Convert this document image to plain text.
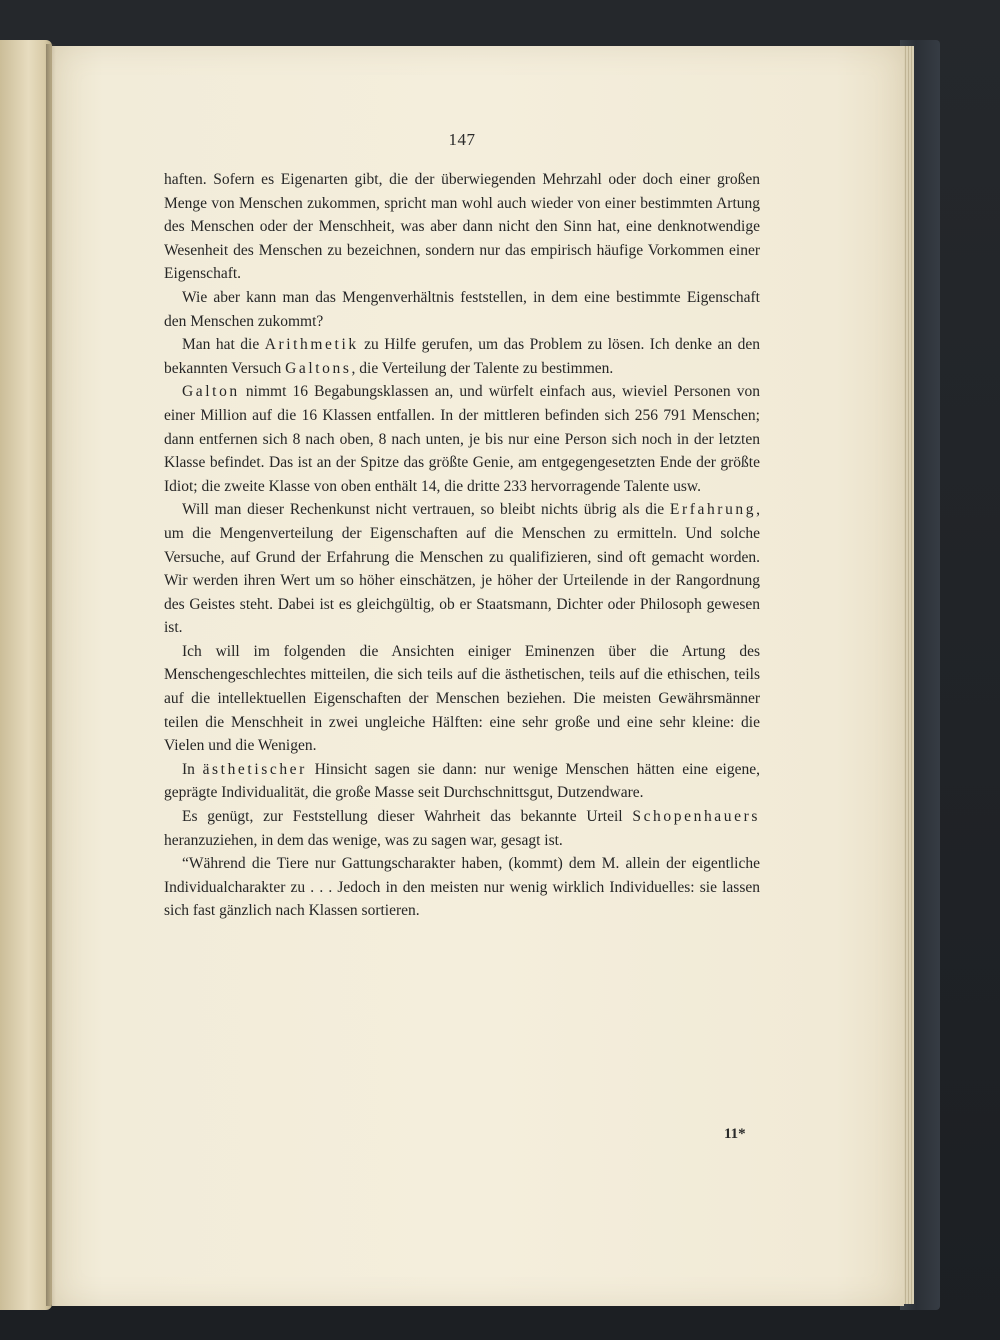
147

haften. Sofern es Eigenarten gibt, die der überwiegenden Mehrzahl oder doch einer großen Menge von Menschen zukommen, spricht man wohl auch wieder von einer bestimmten Artung des Menschen oder der Menschheit, was aber dann nicht den Sinn hat, eine denknotwendige Wesenheit des Menschen zu bezeichnen, sondern nur das empirisch häufige Vorkommen einer Eigenschaft.

Wie aber kann man das Mengenverhältnis feststellen, in dem eine bestimmte Eigenschaft den Menschen zukommt?

Man hat die Arithmetik zu Hilfe gerufen, um das Problem zu lösen. Ich denke an den bekannten Versuch Galtons, die Verteilung der Talente zu bestimmen.

Galton nimmt 16 Begabungsklassen an, und würfelt einfach aus, wieviel Personen von einer Million auf die 16 Klassen entfallen. In der mittleren befinden sich 256 791 Menschen; dann entfernen sich 8 nach oben, 8 nach unten, je bis nur eine Person sich noch in der letzten Klasse befindet. Das ist an der Spitze das größte Genie, am entgegengesetzten Ende der größte Idiot; die zweite Klasse von oben enthält 14, die dritte 233 hervorragende Talente usw.

Will man dieser Rechenkunst nicht vertrauen, so bleibt nichts übrig als die Erfahrung, um die Mengenverteilung der Eigenschaften auf die Menschen zu ermitteln. Und solche Versuche, auf Grund der Erfahrung die Menschen zu qualifizieren, sind oft gemacht worden. Wir werden ihren Wert um so höher einschätzen, je höher der Urteilende in der Rangordnung des Geistes steht. Dabei ist es gleichgültig, ob er Staatsmann, Dichter oder Philosoph gewesen ist.

Ich will im folgenden die Ansichten einiger Eminenzen über die Artung des Menschengeschlechtes mitteilen, die sich teils auf die ästhetischen, teils auf die ethischen, teils auf die intellektuellen Eigenschaften der Menschen beziehen. Die meisten Gewährsmänner teilen die Menschheit in zwei ungleiche Hälften: eine sehr große und eine sehr kleine: die Vielen und die Wenigen.

In ästhetischer Hinsicht sagen sie dann: nur wenige Menschen hätten eine eigene, geprägte Individualität, die große Masse seit Durchschnittsgut, Dutzendware.

Es genügt, zur Feststellung dieser Wahrheit das bekannte Urteil Schopenhauers heranzuziehen, in dem das wenige, was zu sagen war, gesagt ist.

“Während die Tiere nur Gattungscharakter haben, (kommt) dem M. allein der eigentliche Individualcharakter zu . . . Jedoch in den meisten nur wenig wirklich Individuelles: sie lassen sich fast gänzlich nach Klassen sortieren.

11*
